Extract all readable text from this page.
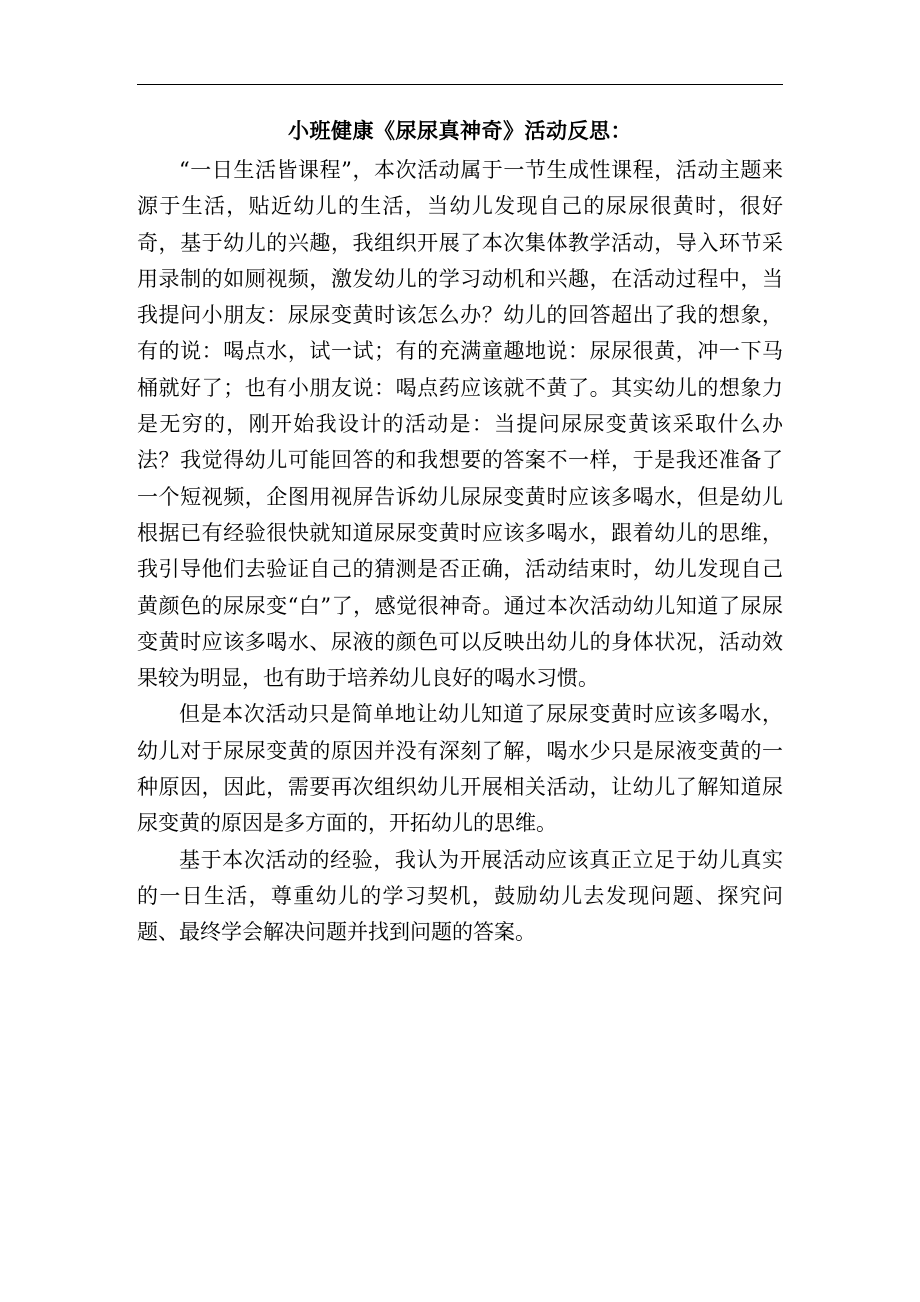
小班健康《尿尿真神奇》活动反思：

“一日生活皆课程”，本次活动属于一节生成性课程，活动主题来源于生活，贴近幼儿的生活，当幼儿发现自己的尿尿很黄时，很好奇，基于幼儿的兴趣，我组织开展了本次集体教学活动，导入环节采用录制的如厕视频，激发幼儿的学习动机和兴趣，在活动过程中，当我提问小朋友：尿尿变黄时该怎么办？幼儿的回答超出了我的想象，有的说：喝点水，试一试；有的充满童趣地说：尿尿很黄，冲一下马桶就好了；也有小朋友说：喝点药应该就不黄了。其实幼儿的想象力是无穷的，刚开始我设计的活动是：当提问尿尿变黄该采取什么办法？我觉得幼儿可能回答的和我想要的答案不一样，于是我还准备了一个短视频，企图用视屏告诉幼儿尿尿变黄时应该多喝水，但是幼儿根据已有经验很快就知道尿尿变黄时应该多喝水，跟着幼儿的思维，我引导他们去验证自己的猜测是否正确，活动结束时，幼儿发现自己黄颜色的尿尿变“白”了，感觉很神奇。通过本次活动幼儿知道了尿尿变黄时应该多喝水、尿液的颜色可以反映出幼儿的身体状况，活动效果较为明显，也有助于培养幼儿良好的喝水习惯。

但是本次活动只是简单地让幼儿知道了尿尿变黄时应该多喝水，幼儿对于尿尿变黄的原因并没有深刻了解，喝水少只是尿液变黄的一种原因，因此，需要再次组织幼儿开展相关活动，让幼儿了解知道尿尿变黄的原因是多方面的，开拓幼儿的思维。

基于本次活动的经验，我认为开展活动应该真正立足于幼儿真实的一日生活，尊重幼儿的学习契机，鼓励幼儿去发现问题、探究问题、最终学会解决问题并找到问题的答案。
